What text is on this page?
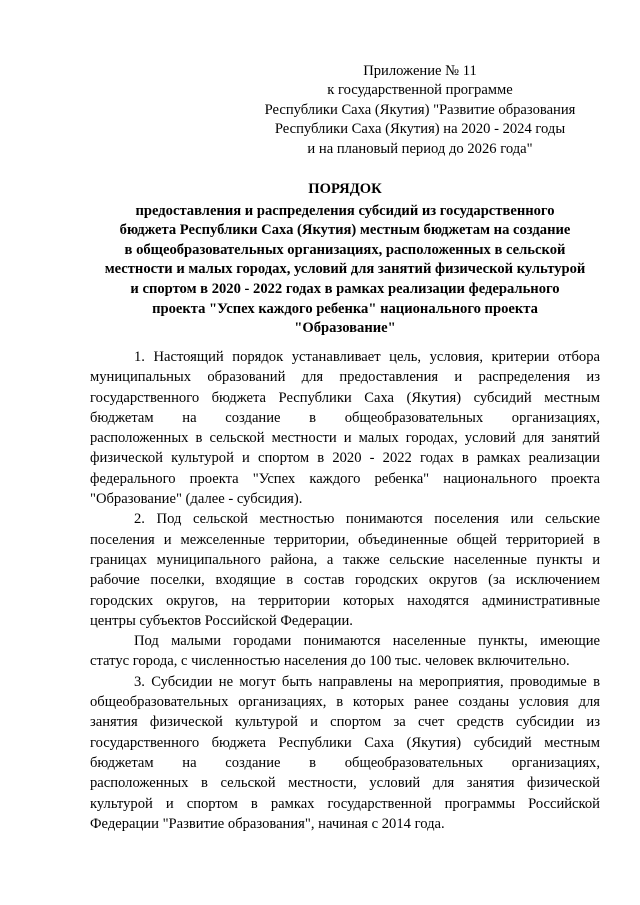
Приложение № 11
к государственной программе
Республики Саха (Якутия) "Развитие образования
Республики Саха (Якутия) на 2020 - 2024 годы
и на плановый период до 2026 года"
ПОРЯДОК
предоставления и распределения субсидий из государственного
бюджета Республики Саха (Якутия) местным бюджетам на создание
в общеобразовательных организациях, расположенных в сельской
местности и малых городах, условий для занятий физической культурой
и спортом в 2020 - 2022 годах в рамках реализации федерального
проекта "Успех каждого ребенка" национального проекта
"Образование"

1. Настоящий порядок устанавливает цель, условия, критерии отбора
муниципальных образований для предоставления и распределения из
государственного бюджета Республики Саха (Якутия) субсидий местным
бюджетам на создание в общеобразовательных организациях,
расположенных в сельской местности и малых городах, условий для занятий
физической культурой и спортом в 2020 - 2022 годах в рамках реализации
федерального проекта "Успех каждого ребенка" национального проекта
"Образование" (далее - субсидия).

2. Под сельской местностью понимаются поселения или сельские
поселения и межселенные территории, объединенные общей территорией в
границах муниципального района, а также сельские населенные пункты и
рабочие поселки, входящие в состав городских округов (за исключением
городских округов, на территории которых находятся административные
центры субъектов Российской Федерации.

Под малыми городами понимаются населенные пункты, имеющие
статус города, с численностью населения до 100 тыс. человек включительно.

3. Субсидии не могут быть направлены на мероприятия, проводимые в
общеобразовательных организациях, в которых ранее созданы условия для
занятия физической культурой и спортом за счет средств субсидии из
государственного бюджета Республики Саха (Якутия) субсидий местным
бюджетам на создание в общеобразовательных организациях,
расположенных в сельской местности, условий для занятия физической
культурой и спортом в рамках государственной программы Российской
Федерации "Развитие образования", начиная с 2014 года.
